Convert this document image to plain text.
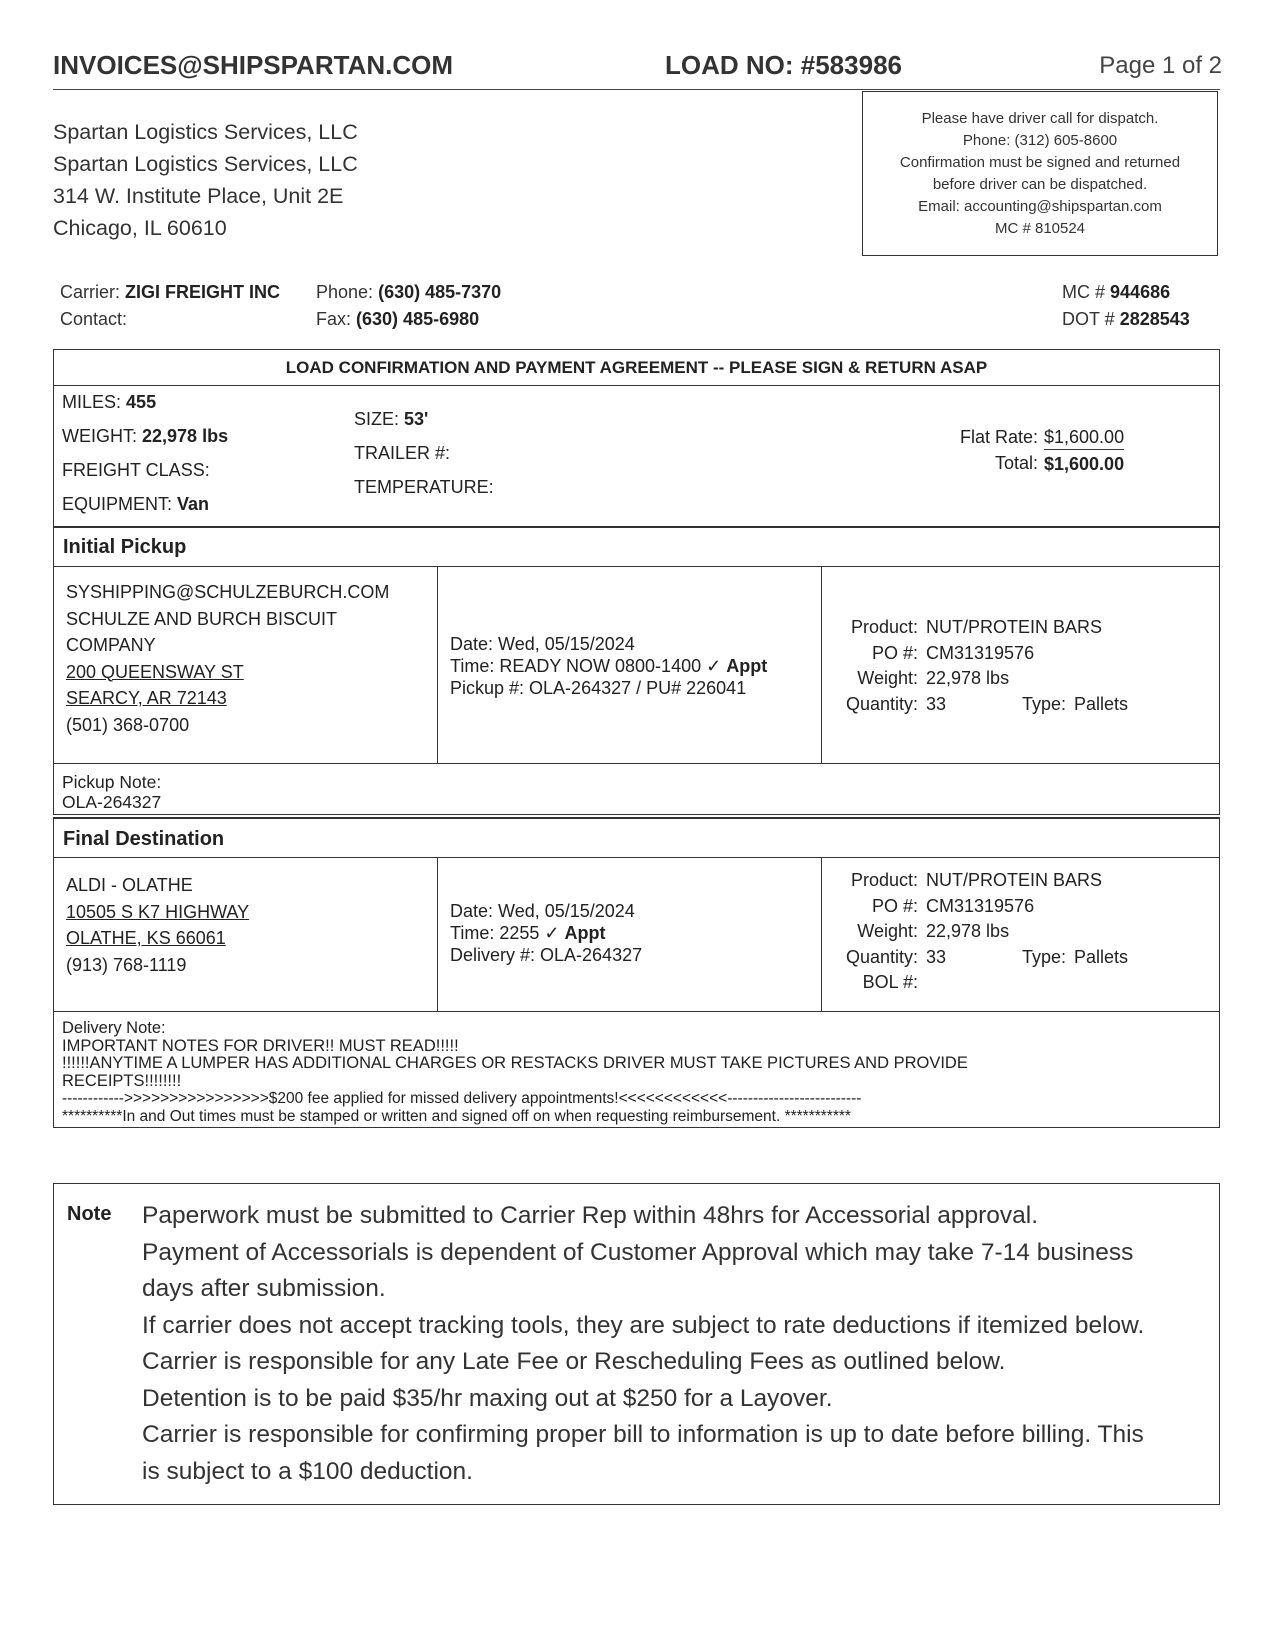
INVOICES@SHIPSPARTAN.COM	LOAD NO: #583986	Page 1 of 2
Spartan Logistics Services, LLC
Spartan Logistics Services, LLC
314 W. Institute Place, Unit 2E
Chicago, IL 60610
Please have driver call for dispatch.
Phone: (312) 605-8600
Confirmation must be signed and returned
before driver can be dispatched.
Email: accounting@shipspartan.com
MC # 810524
Carrier: ZIGI FREIGHT INC
Contact:
Phone: (630) 485-7370
Fax: (630) 485-6980
MC # 944686
DOT # 2828543
LOAD CONFIRMATION AND PAYMENT AGREEMENT -- PLEASE SIGN & RETURN ASAP
MILES: 455
WEIGHT: 22,978 lbs
FREIGHT CLASS:
EQUIPMENT: Van
SIZE: 53'
TRAILER #:
TEMPERATURE:
Flat Rate: $1,600.00
Total: $1,600.00
Initial Pickup
SYSHIPPING@SCHULZEBURCH.COM
SCHULZE AND BURCH BISCUIT
COMPANY
200 QUEENSWAY ST
SEARCY, AR 72143
(501) 368-0700
Date: Wed, 05/15/2024
Time: READY NOW 0800-1400 ✓ Appt
Pickup #: OLA-264327 / PU# 226041
Product: NUT/PROTEIN BARS
PO #: CM31319576
Weight: 22,978 lbs
Quantity: 33	Type: Pallets
Pickup Note:
OLA-264327
Final Destination
ALDI - OLATHE
10505 S K7 HIGHWAY
OLATHE, KS 66061
(913) 768-1119
Date: Wed, 05/15/2024
Time: 2255 ✓ Appt
Delivery #: OLA-264327
Product: NUT/PROTEIN BARS
PO #: CM31319576
Weight: 22,978 lbs
Quantity: 33	Type: Pallets
BOL #:
Delivery Note:
IMPORTANT NOTES FOR DRIVER!! MUST READ!!!!!
!!!!!!ANYTIME A LUMPER HAS ADDITIONAL CHARGES OR RESTACKS DRIVER MUST TAKE PICTURES AND PROVIDE
RECEIPTS!!!!!!!!
------------>>>>>>>>>>>>>>>>$200 fee applied for missed delivery appointments!<<<<<<<<<<<<--------------------------
**********In and Out times must be stamped or written and signed off on when requesting reimbursement. ***********
Note Paperwork must be submitted to Carrier Rep within 48hrs for Accessorial approval.
Payment of Accessorials is dependent of Customer Approval which may take 7-14 business
days after submission.
If carrier does not accept tracking tools, they are subject to rate deductions if itemized below.
Carrier is responsible for any Late Fee or Rescheduling Fees as outlined below.
Detention is to be paid $35/hr maxing out at $250 for a Layover.
Carrier is responsible for confirming proper bill to information is up to date before billing. This
is subject to a $100 deduction.
